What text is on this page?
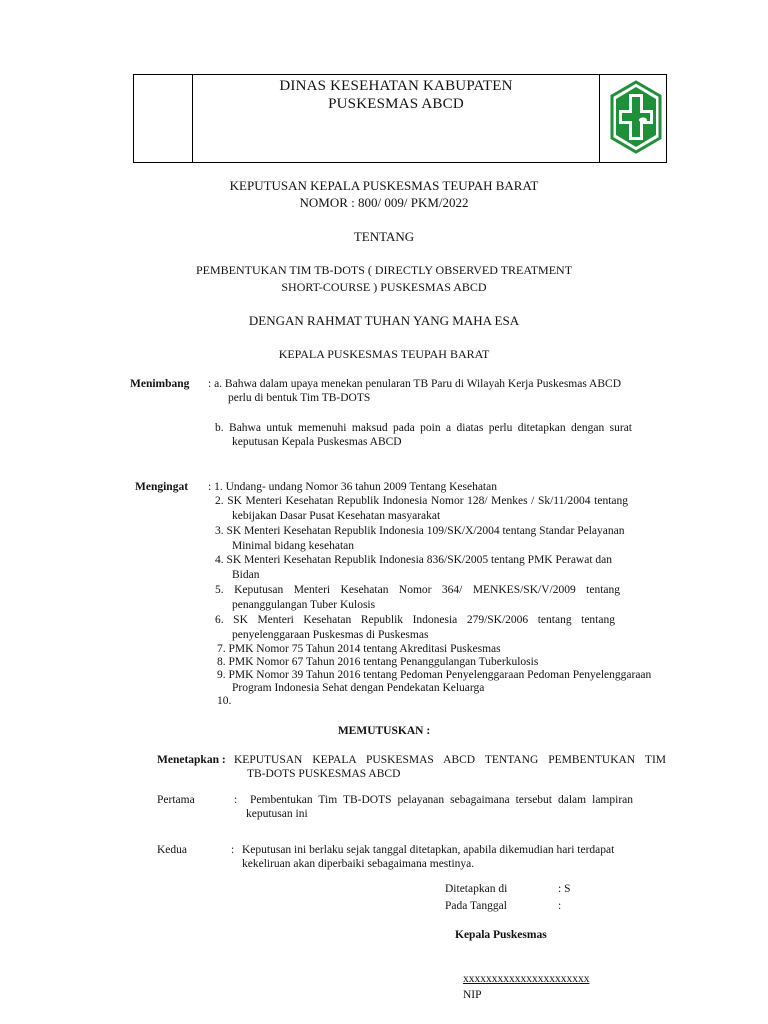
DINAS KESEHATAN KABUPATEN
PUSKESMAS ABCD
KEPUTUSAN KEPALA PUSKESMAS TEUPAH BARAT
NOMOR : 800/ 009/ PKM/2022
TENTANG
PEMBENTUKAN TIM TB-DOTS ( DIRECTLY OBSERVED TREATMENT
SHORT-COURSE ) PUSKESMAS ABCD
DENGAN RAHMAT TUHAN YANG MAHA ESA
KEPALA PUSKESMAS TEUPAH BARAT
Menimbang : a. Bahwa dalam upaya menekan penularan TB Paru di Wilayah Kerja Puskesmas ABCD
perlu di bentuk Tim TB-DOTS
b. Bahwa untuk memenuhi maksud pada poin a diatas perlu ditetapkan dengan surat
keputusan Kepala Puskesmas ABCD
Mengingat : 1. Undang- undang Nomor 36 tahun 2009 Tentang Kesehatan
2. SK Menteri Kesehatan Republik Indonesia Nomor 128/ Menkes / Sk/11/2004 tentang
kebijakan Dasar Pusat Kesehatan masyarakat
3. SK Menteri Kesehatan Republik Indonesia 109/SK/X/2004 tentang Standar Pelayanan
Minimal bidang kesehatan
4. SK Menteri Kesehatan Republik Indonesia 836/SK/2005 tentang PMK Perawat dan
Bidan
5. Keputusan Menteri Kesehatan Nomor 364/ MENKES/SK/V/2009 tentang
penanggulangan Tuber Kulosis
6. SK Menteri Kesehatan Republik Indonesia 279/SK/2006 tentang tentang
penyelenggaraan Puskesmas di Puskesmas
7. PMK Nomor 75 Tahun 2014 tentang Akreditasi Puskesmas
8. PMK Nomor 67 Tahun 2016 tentang Penanggulangan Tuberkulosis
9. PMK Nomor 39 Tahun 2016 tentang Pedoman Penyelenggaraan Pedoman Penyelenggaraan
Program Indonesia Sehat dengan Pendekatan Keluarga
10.
MEMUTUSKAN :
Menetapkan : KEPUTUSAN KEPALA PUSKESMAS ABCD TENTANG PEMBENTUKAN TIM
TB-DOTS PUSKESMAS ABCD
Pertama	: Pembentukan Tim TB-DOTS pelayanan sebagaimana tersebut dalam lampiran
keputusan ini
Kedua	: Keputusan ini berlaku sejak tanggal ditetapkan, apabila dikemudian hari terdapat
kekeliruan akan diperbaiki sebagaimana mestinya.
Ditetapkan di	: S
Pada Tanggal	:
Kepala Puskesmas
xxxxxxxxxxxxxxxxxxxxxx
NIP
